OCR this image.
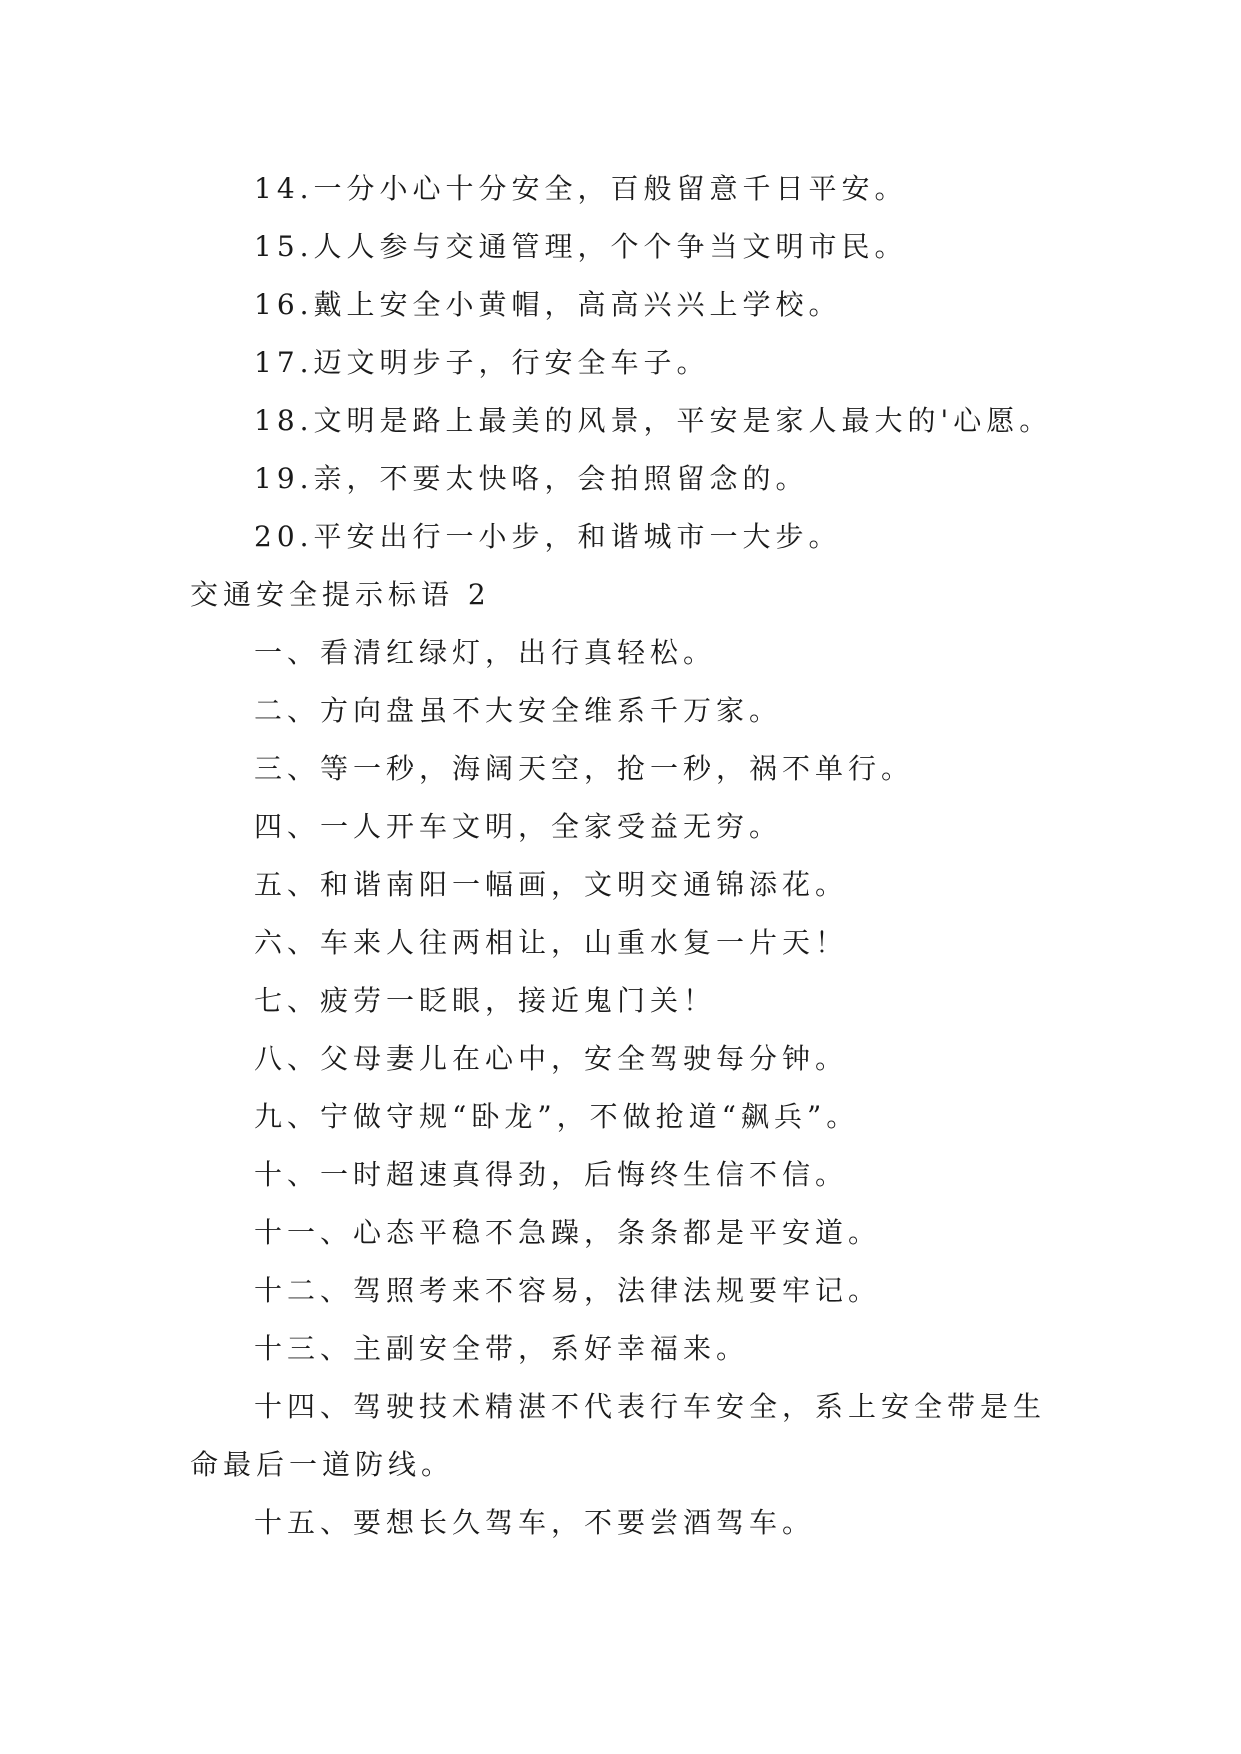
14.一分小心十分安全，百般留意千日平安。
15.人人参与交通管理，个个争当文明市民。
16.戴上安全小黄帽，高高兴兴上学校。
17.迈文明步子，行安全车子。
18.文明是路上最美的风景，平安是家人最大的'心愿。
19.亲，不要太快咯，会拍照留念的。
20.平安出行一小步，和谐城市一大步。
交通安全提示标语 2
一、看清红绿灯，出行真轻松。
二、方向盘虽不大安全维系千万家。
三、等一秒，海阔天空，抢一秒，祸不单行。
四、一人开车文明，全家受益无穷。
五、和谐南阳一幅画，文明交通锦添花。
六、车来人往两相让，山重水复一片天！
七、疲劳一眨眼，接近鬼门关！
八、父母妻儿在心中，安全驾驶每分钟。
九、宁做守规“卧龙”，不做抢道“飙兵”。
十、一时超速真得劲，后悔终生信不信。
十一、心态平稳不急躁，条条都是平安道。
十二、驾照考来不容易，法律法规要牢记。
十三、主副安全带，系好幸福来。
十四、驾驶技术精湛不代表行车安全，系上安全带是生
命最后一道防线。
十五、要想长久驾车，不要尝酒驾车。
